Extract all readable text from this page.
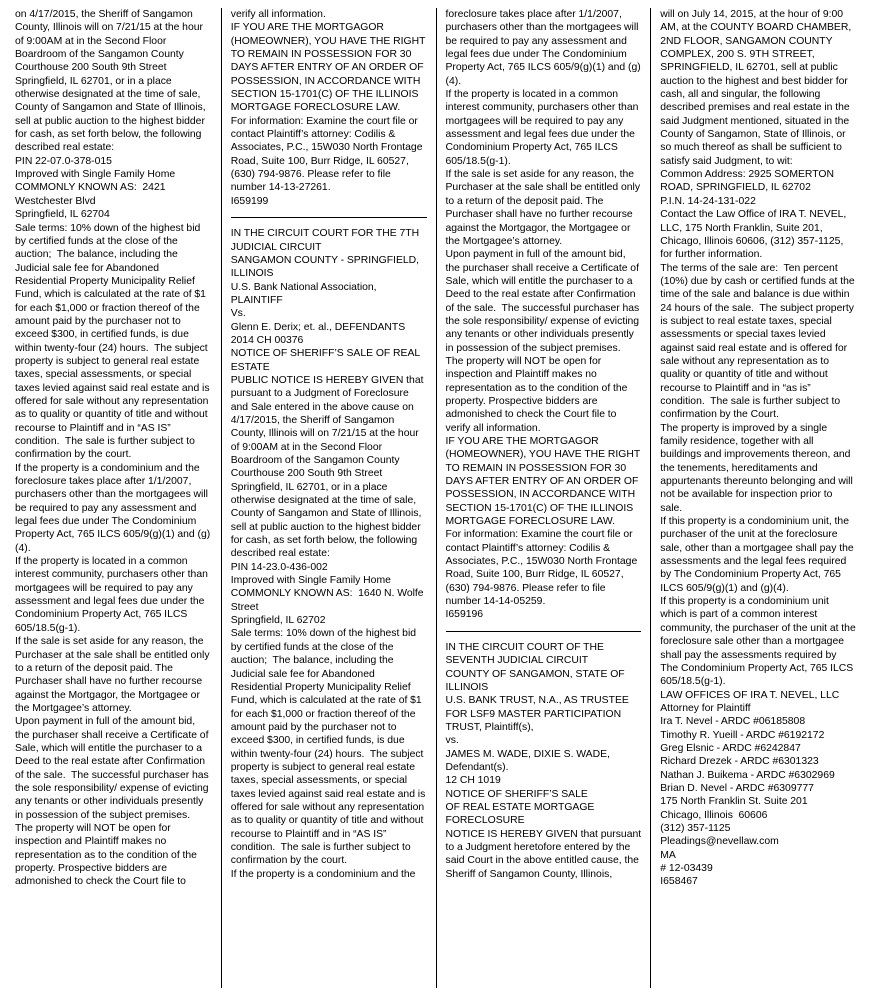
on 4/17/2015, the Sheriff of Sangamon County, Illinois will on 7/21/15 at the hour of 9:00AM at in the Second Floor Boardroom of the Sangamon County Courthouse 200 South 9th Street Springfield, IL 62701, or in a place otherwise designated at the time of sale, County of Sangamon and State of Illinois, sell at public auction to the highest bidder for cash, as set forth below, the following described real estate:

PIN 22-07.0-378-015

Improved with Single Family Home

COMMONLY KNOWN AS:  2421 Westchester Blvd

Springfield, IL 62704

Sale terms: 10% down of the highest bid by certified funds at the close of the auction;  The balance, including the Judicial sale fee for Abandoned Residential Property Municipality Relief Fund, which is calculated at the rate of $1 for each $1,000 or fraction thereof of the amount paid by the purchaser not to exceed $300, in certified funds, is due within twenty-four (24) hours.  The subject property is subject to general real estate taxes, special assessments, or special taxes levied against said real estate and is offered for sale without any representation as to quality or quantity of title and without recourse to Plaintiff and in “AS IS” condition.  The sale is further subject to confirmation by the court.

If the property is a condominium and the foreclosure takes place after 1/1/2007, purchasers other than the mortgagees will be required to pay any assessment and legal fees due under The Condominium Property Act, 765 ILCS 605/9(g)(1) and (g)(4).

If the property is located in a common interest community, purchasers other than mortgagees will be required to pay any assessment and legal fees due under the Condominium Property Act, 765 ILCS 605/18.5(g-1).

If the sale is set aside for any reason, the Purchaser at the sale shall be entitled only to a return of the deposit paid. The Purchaser shall have no further recourse against the Mortgagor, the Mortgagee or the Mortgagee’s attorney.

Upon payment in full of the amount bid, the purchaser shall receive a Certificate of Sale, which will entitle the purchaser to a Deed to the real estate after Confirmation of the sale.  The successful purchaser has the sole responsibility/ expense of evicting any tenants or other individuals presently in possession of the subject premises.

The property will NOT be open for inspection and Plaintiff makes no representation as to the condition of the property. Prospective bidders are admonished to check the Court file to

verify all information.

IF YOU ARE THE MORTGAGOR (HOMEOWNER), YOU HAVE THE RIGHT TO REMAIN IN POSSESSION FOR 30 DAYS AFTER ENTRY OF AN ORDER OF POSSESSION, IN ACCORDANCE WITH SECTION 15-1701(C) OF THE ILLINOIS MORTGAGE FORECLOSURE LAW.

For information: Examine the court file or contact Plaintiff’s attorney: Codilis & Associates, P.C., 15W030 North Frontage Road, Suite 100, Burr Ridge, IL 60527, (630) 794-9876. Please refer to file number 14-13-27261.

I659199

IN THE CIRCUIT COURT FOR THE 7TH JUDICIAL CIRCUIT

SANGAMON COUNTY - SPRINGFIELD, ILLINOIS

U.S. Bank National Association, PLAINTIFF

Vs.

Glenn E. Derix; et. al., DEFENDANTS

2014 CH 00376

NOTICE OF SHERIFF’S SALE OF REAL ESTATE

PUBLIC NOTICE IS HEREBY GIVEN that pursuant to a Judgment of Foreclosure and Sale entered in the above cause on 4/17/2015, the Sheriff of Sangamon County, Illinois will on 7/21/15 at the hour of 9:00AM at in the Second Floor Boardroom of the Sangamon County Courthouse 200 South 9th Street Springfield, IL 62701, or in a place otherwise designated at the time of sale, County of Sangamon and State of Illinois, sell at public auction to the highest bidder for cash, as set forth below, the following described real estate:

PIN 14-23.0-436-002

Improved with Single Family Home

COMMONLY KNOWN AS:  1640 N. Wolfe Street

Springfield, IL 62702

Sale terms: 10% down of the highest bid by certified funds at the close of the auction;  The balance, including the Judicial sale fee for Abandoned Residential Property Municipality Relief Fund, which is calculated at the rate of $1 for each $1,000 or fraction thereof of the amount paid by the purchaser not to exceed $300, in certified funds, is due within twenty-four (24) hours.  The subject property is subject to general real estate taxes, special assessments, or special taxes levied against said real estate and is offered for sale without any representation as to quality or quantity of title and without recourse to Plaintiff and in “AS IS” condition.  The sale is further subject to confirmation by the court.

If the property is a condominium and the

foreclosure takes place after 1/1/2007, purchasers other than the mortgagees will be required to pay any assessment and legal fees due under The Condominium Property Act, 765 ILCS 605/9(g)(1) and (g)(4).

If the property is located in a common interest community, purchasers other than mortgagees will be required to pay any assessment and legal fees due under the Condominium Property Act, 765 ILCS 605/18.5(g-1).

If the sale is set aside for any reason, the Purchaser at the sale shall be entitled only to a return of the deposit paid. The Purchaser shall have no further recourse against the Mortgagor, the Mortgagee or the Mortgagee’s attorney.

Upon payment in full of the amount bid, the purchaser shall receive a Certificate of Sale, which will entitle the purchaser to a Deed to the real estate after Confirmation of the sale.  The successful purchaser has the sole responsibility/ expense of evicting any tenants or other individuals presently in possession of the subject premises.

The property will NOT be open for inspection and Plaintiff makes no representation as to the condition of the property. Prospective bidders are admonished to check the Court file to verify all information.

IF YOU ARE THE MORTGAGOR (HOMEOWNER), YOU HAVE THE RIGHT TO REMAIN IN POSSESSION FOR 30 DAYS AFTER ENTRY OF AN ORDER OF POSSESSION, IN ACCORDANCE WITH SECTION 15-1701(C) OF THE ILLINOIS MORTGAGE FORECLOSURE LAW.

For information: Examine the court file or contact Plaintiff’s attorney: Codilis & Associates, P.C., 15W030 North Frontage Road, Suite 100, Burr Ridge, IL 60527, (630) 794-9876. Please refer to file number 14-14-05259.

I659196

IN THE CIRCUIT COURT OF THE SEVENTH JUDICIAL CIRCUIT

COUNTY OF SANGAMON, STATE OF ILLINOIS

U.S. BANK TRUST, N.A., AS TRUSTEE FOR LSF9 MASTER PARTICIPATION TRUST, Plaintiff(s),

vs.

JAMES M. WADE, DIXIE S. WADE, Defendant(s).

12 CH 1019

NOTICE OF SHERIFF’S SALE

OF REAL ESTATE MORTGAGE FORECLOSURE

NOTICE IS HEREBY GIVEN that pursuant to a Judgment heretofore entered by the said Court in the above entitled cause, the Sheriff of Sangamon County, Illinois,

will on July 14, 2015, at the hour of 9:00 AM, at the COUNTY BOARD CHAMBER, 2ND FLOOR, SANGAMON COUNTY COMPLEX, 200 S. 9TH STREET, SPRINGFIELD, IL 62701, sell at public auction to the highest and best bidder for cash, all and singular, the following described premises and real estate in the said Judgment mentioned, situated in the County of Sangamon, State of Illinois, or so much thereof as shall be sufficient to satisfy said Judgment, to wit:

Common Address: 2925 SOMERTON ROAD, SPRINGFIELD, IL 62702

P.I.N. 14-24-131-022

Contact the Law Office of IRA T. NEVEL, LLC, 175 North Franklin, Suite 201, Chicago, Illinois 60606, (312) 357-1125, for further information.

The terms of the sale are:  Ten percent (10%) due by cash or certified funds at the time of the sale and balance is due within 24 hours of the sale.  The subject property is subject to real estate taxes, special assessments or special taxes levied against said real estate and is offered for sale without any representation as to quality or quantity of title and without recourse to Plaintiff and in “as is” condition.  The sale is further subject to confirmation by the Court.

The property is improved by a single family residence, together with all buildings and improvements thereon, and the tenements, hereditaments and appurtenants thereunto belonging and will not be available for inspection prior to sale.

If this property is a condominium unit, the purchaser of the unit at the foreclosure sale, other than a mortgagee shall pay the assessments and the legal fees required by The Condominium Property Act, 765 ILCS 605/9(g)(1) and (g)(4).

If this property is a condominium unit which is part of a common interest community, the purchaser of the unit at the foreclosure sale other than a mortgagee shall pay the assessments required by The Condominium Property Act, 765 ILCS 605/18.5(g-1).

LAW OFFICES OF IRA T. NEVEL, LLC

Attorney for Plaintiff

Ira T. Nevel - ARDC #06185808

Timothy R. Yueill - ARDC #6192172

Greg Elsnic - ARDC #6242847

Richard Drezek - ARDC #6301323

Nathan J. Buikema - ARDC #6302969

Brian D. Nevel - ARDC #6309777

175 North Franklin St. Suite 201

Chicago, Illinois  60606

(312) 357-1125

Pleadings@nevellaw.com

MA

# 12-03439

I658467
